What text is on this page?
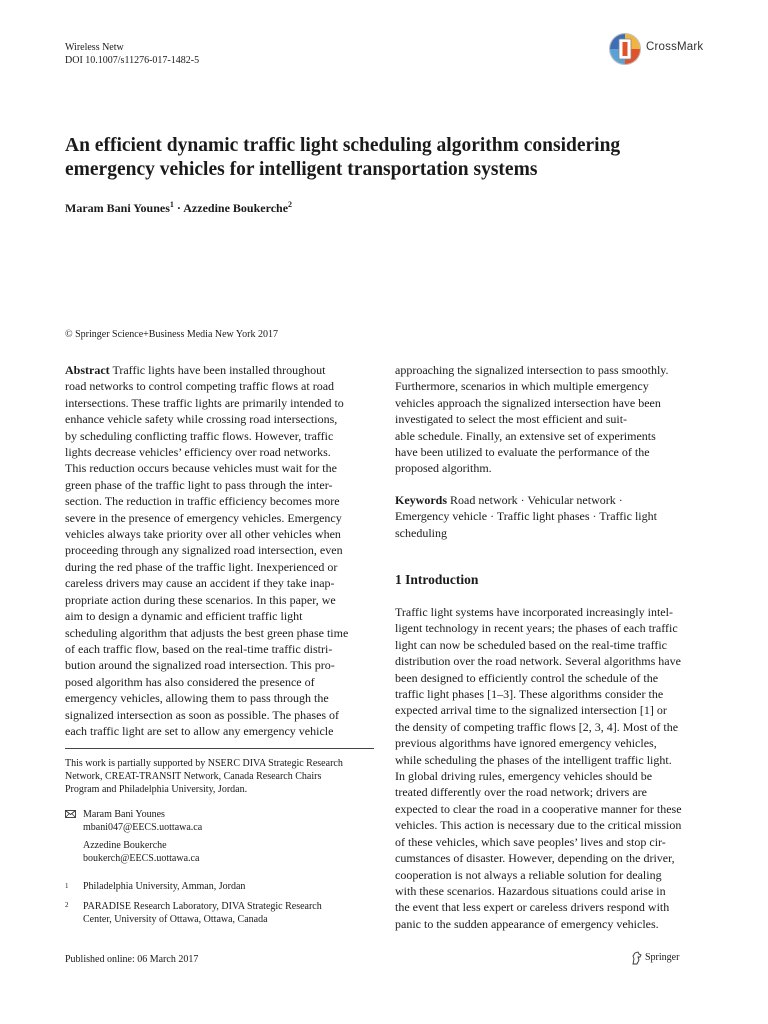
Wireless Netw
DOI 10.1007/s11276-017-1482-5
CrossMark
An efficient dynamic traffic light scheduling algorithm considering
emergency vehicles for intelligent transportation systems
Maram Bani Younes$^1$ · Azzedine Boukerche$^2$
© Springer Science+Business Media New York 2017
Abstract Traffic lights have been installed throughout
road networks to control competing traffic flows at road
intersections. These traffic lights are primarily intended to
enhance vehicle safety while crossing road intersections,
by scheduling conflicting traffic flows. However, traffic
lights decrease vehicles’ efficiency over road networks.
This reduction occurs because vehicles must wait for the
green phase of the traffic light to pass through the inter-
section. The reduction in traffic efficiency becomes more
severe in the presence of emergency vehicles. Emergency
vehicles always take priority over all other vehicles when
proceeding through any signalized road intersection, even
during the red phase of the traffic light. Inexperienced or
careless drivers may cause an accident if they take inap-
propriate action during these scenarios. In this paper, we
aim to design a dynamic and efficient traffic light
scheduling algorithm that adjusts the best green phase time
of each traffic flow, based on the real-time traffic distri-
bution around the signalized road intersection. This pro-
posed algorithm has also considered the presence of
emergency vehicles, allowing them to pass through the
signalized intersection as soon as possible. The phases of
each traffic light are set to allow any emergency vehicle
approaching the signalized intersection to pass smoothly.
Furthermore, scenarios in which multiple emergency
vehicles approach the signalized intersection have been
investigated to select the most efficient and suit-
able schedule. Finally, an extensive set of experiments
have been utilized to evaluate the performance of the
proposed algorithm.
Keywords Road network · Vehicular network ·
Emergency vehicle · Traffic light phases · Traffic light
scheduling
1 Introduction
Traffic light systems have incorporated increasingly intel-
ligent technology in recent years; the phases of each traffic
light can now be scheduled based on the real-time traffic
distribution over the road network. Several algorithms have
been designed to efficiently control the schedule of the
traffic light phases [1–3]. These algorithms consider the
expected arrival time to the signalized intersection [1] or
the density of competing traffic flows [2, 3, 4]. Most of the
previous algorithms have ignored emergency vehicles,
while scheduling the phases of the intelligent traffic light.
In global driving rules, emergency vehicles should be
treated differently over the road network; drivers are
expected to clear the road in a cooperative manner for these
vehicles. This action is necessary due to the critical mission
of these vehicles, which save peoples’ lives and stop cir-
cumstances of disaster. However, depending on the driver,
cooperation is not always a reliable solution for dealing
with these scenarios. Hazardous situations could arise in
the event that less expert or careless drivers respond with
panic to the sudden appearance of emergency vehicles.
This work is partially supported by NSERC DIVA Strategic Research
Network, CREAT-TRANSIT Network, Canada Research Chairs
Program and Philadelphia University, Jordan.
Maram Bani Younes
mbani047@EECS.uottawa.ca
Azzedine Boukerche
boukerch@EECS.uottawa.ca
1 Philadelphia University, Amman, Jordan
2 PARADISE Research Laboratory, DIVA Strategic Research
Center, University of Ottawa, Ottawa, Canada
Published online: 06 March 2017	Springer
